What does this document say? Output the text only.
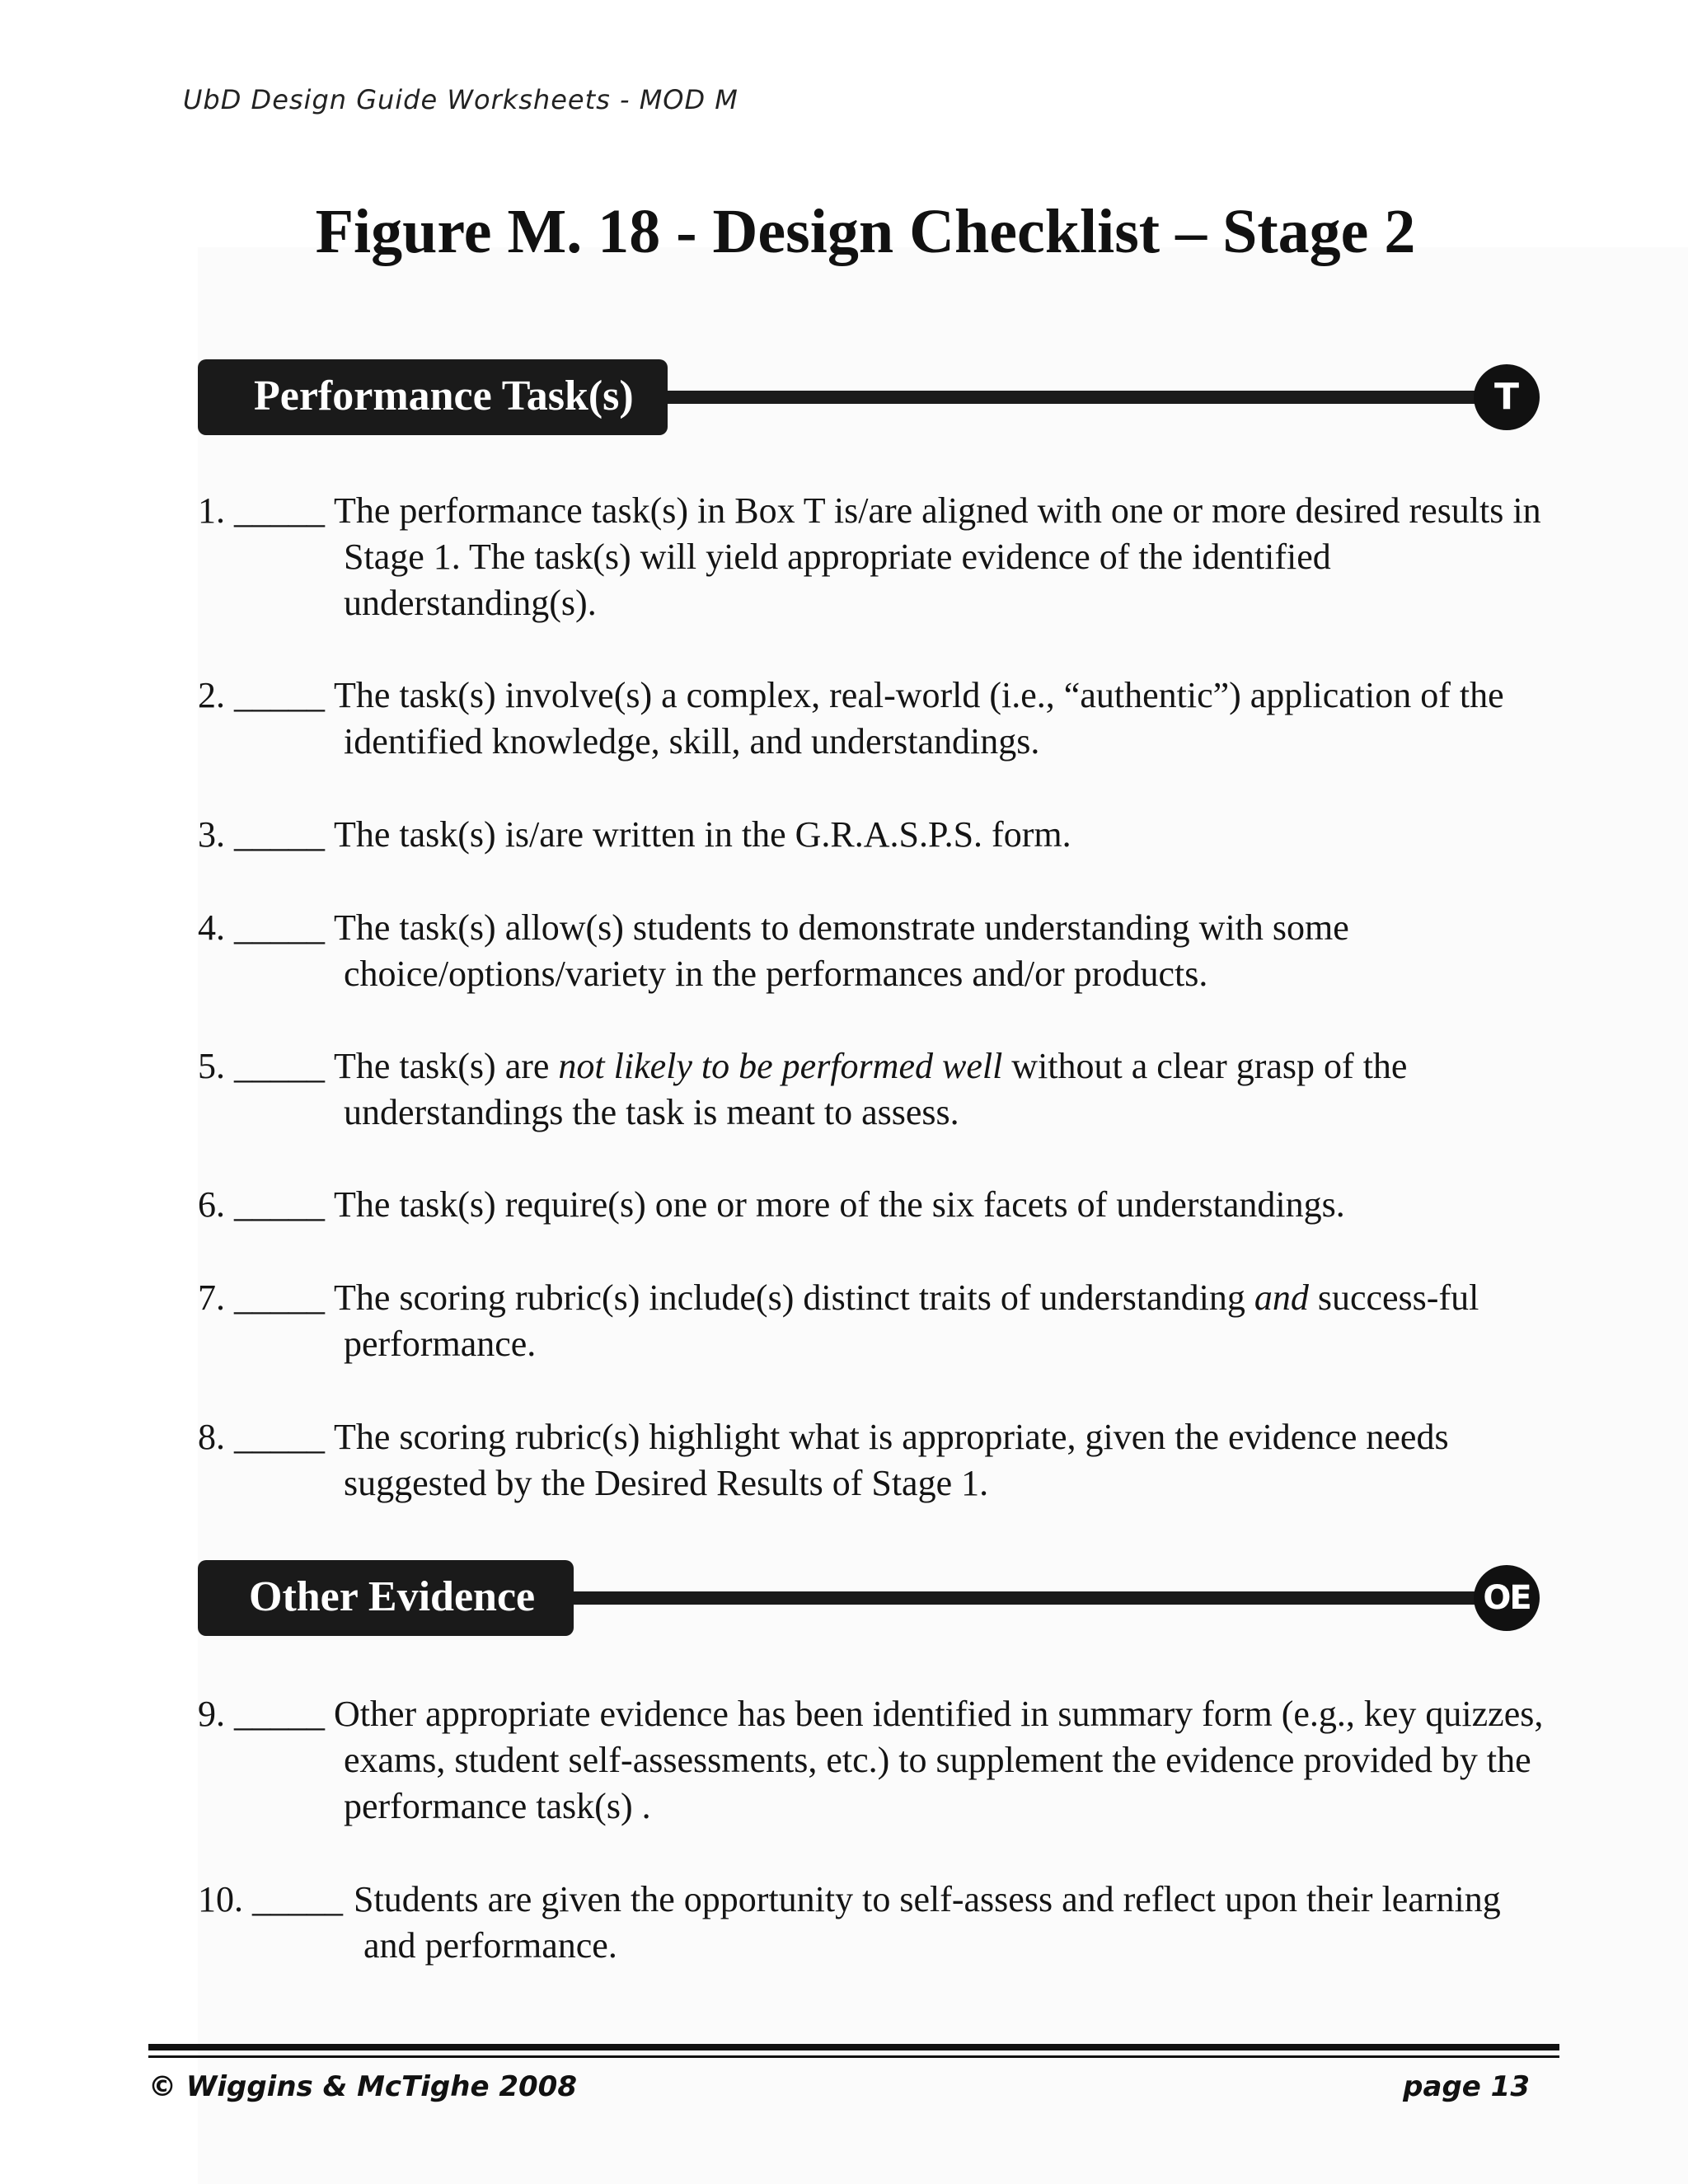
UbD Design Guide Worksheets - MOD M
Figure M. 18 - Design Checklist – Stage 2
Performance Task(s)	T
1. _____ The performance task(s) in Box T is/are aligned with one or more desired results in Stage 1. The task(s) will yield appropriate evidence of the identified understanding(s).
2. _____ The task(s) involve(s) a complex, real-world (i.e., “authentic”) application of the identified knowledge, skill, and understandings.
3. _____ The task(s) is/are written in the G.R.A.S.P.S. form.
4. _____ The task(s) allow(s) students to demonstrate understanding with some choice/options/variety in the performances and/or products.
5. _____ The task(s) are not likely to be performed well without a clear grasp of the understandings the task is meant to assess.
6. _____ The task(s) require(s) one or more of the six facets of understandings.
7. _____ The scoring rubric(s) include(s) distinct traits of understanding and success-ful performance.
8. _____ The scoring rubric(s) highlight what is appropriate, given the evidence needs suggested by the Desired Results of Stage 1.
Other Evidence	OE
9. _____ Other appropriate evidence has been identified in summary form (e.g., key quizzes, exams, student self-assessments, etc.) to supplement the evidence provided by the performance task(s) .
10. _____ Students are given the opportunity to self-assess and reflect upon their learning and performance.
© Wiggins & McTighe 2008	page 13
